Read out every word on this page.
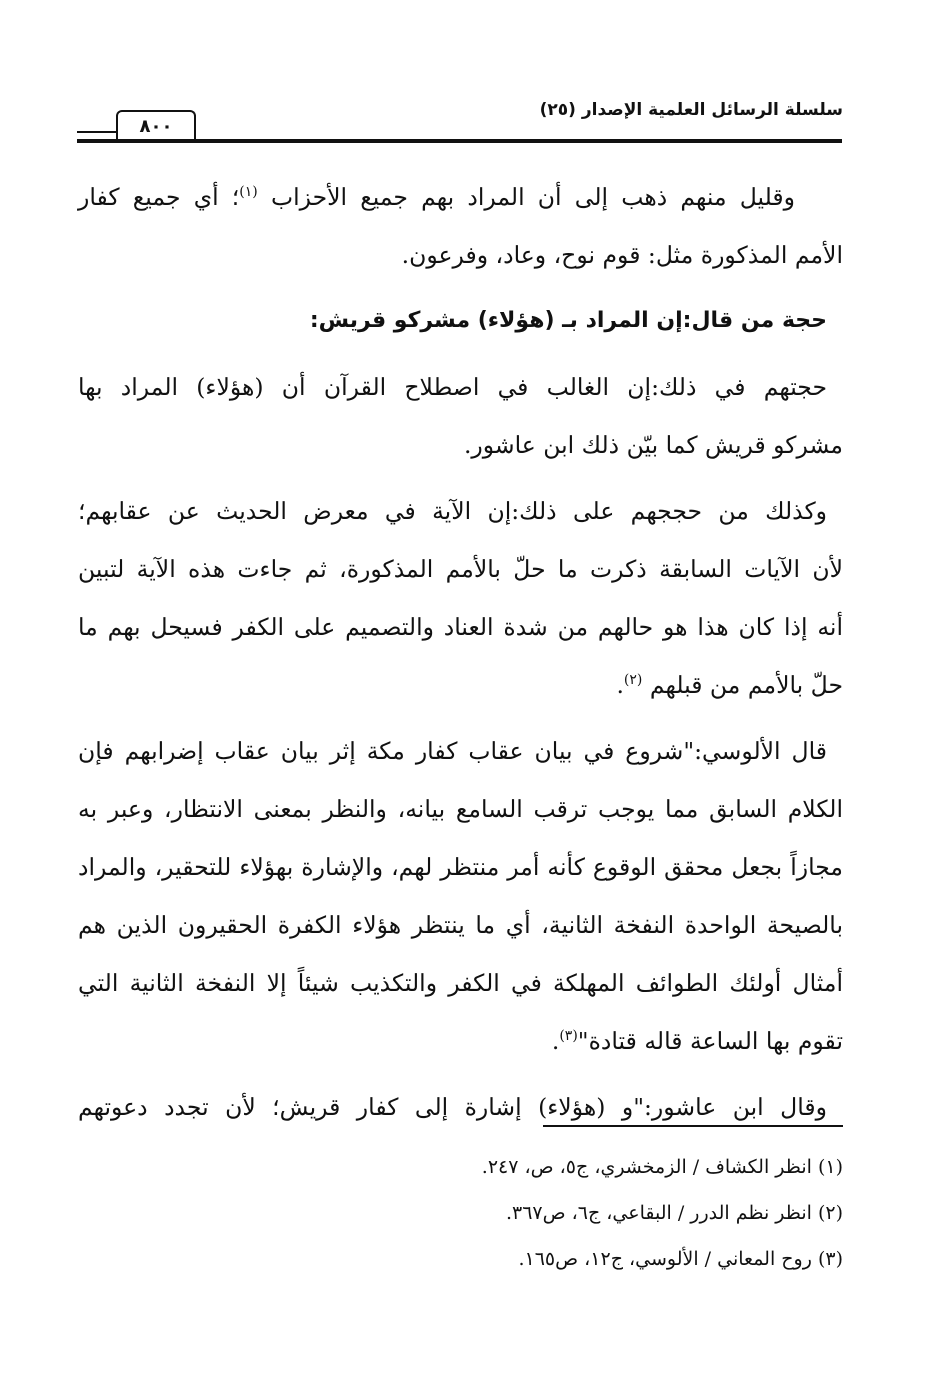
سلسلة الرسائل العلمية الإصدار (٢٥)
٨٠٠
وقليل منهم ذهب إلى أن المراد بهم جميع الأحزاب $^{(١)}$؛ أي جميع كفار
الأمم المذكورة مثل: قوم نوح، وعاد، وفرعون.
حجة من قال:إن المراد بـ (هؤلاء) مشركو قريش:
حجتهم في ذلك:إن الغالب في اصطلاح القرآن أن (هؤلاء) المراد بها
مشركو قريش كما بيّن ذلك ابن عاشور.
وكذلك من حججهم على ذلك:إن الآية في معرض الحديث عن عقابهم؛
لأن الآيات السابقة ذكرت ما حلّ بالأمم المذكورة، ثم جاءت هذه الآية لتبين
أنه إذا كان هذا هو حالهم من شدة العناد والتصميم على الكفر فسيحل بهم ما
حلّ بالأمم من قبلهم $^{(٢)}$.
قال الألوسي:"شروع في بيان عقاب كفار مكة إثر بيان عقاب إضرابهم فإن
الكلام السابق مما يوجب ترقب السامع بيانه، والنظر بمعنى الانتظار، وعبر به
مجازاً بجعل محقق الوقوع كأنه أمر منتظر لهم، والإشارة بهؤلاء للتحقير، والمراد
بالصيحة الواحدة النفخة الثانية، أي ما ينتظر هؤلاء الكفرة الحقيرون الذين هم
أمثال أولئك الطوائف المهلكة في الكفر والتكذيب شيئاً إلا النفخة الثانية التي
تقوم بها الساعة قاله قتادة"$^{(٣)}$.
وقال ابن عاشور:"و (هؤلاء) إشارة إلى كفار قريش؛ لأن تجدد دعوتهم
(١) انظر الكشاف / الزمخشري، ج٥، ص، ٢٤٧.
(٢) انظر نظم الدرر / البقاعي، ج٦، ص٣٦٧.
(٣) روح المعاني / الألوسي، ج١٢، ص١٦٥.
